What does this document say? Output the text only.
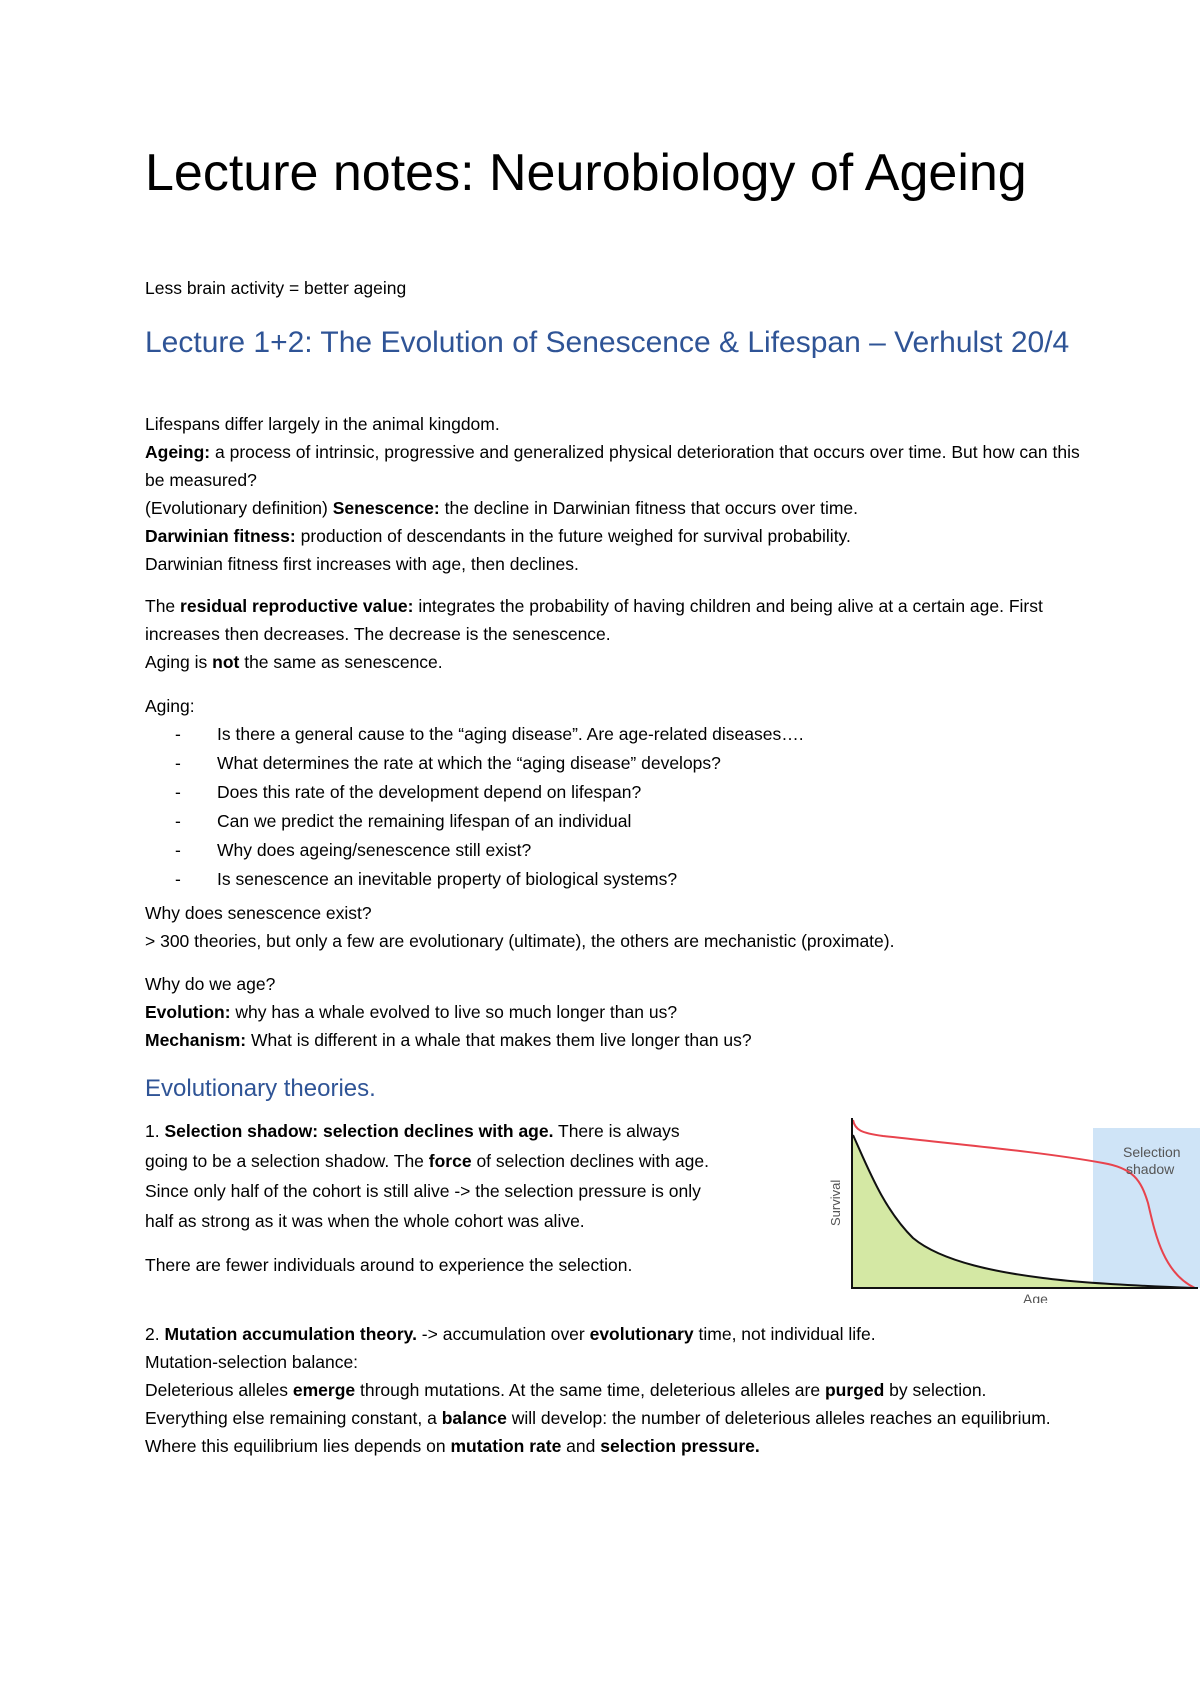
Lecture notes: Neurobiology of Ageing

Less brain activity = better ageing

Lecture 1+2: The Evolution of Senescence & Lifespan – Verhulst 20/4

Lifespans differ largely in the animal kingdom.

Ageing: a process of intrinsic, progressive and generalized physical deterioration that occurs over time. But how can this be measured?

(Evolutionary definition) Senescence: the decline in Darwinian fitness that occurs over time.

Darwinian fitness: production of descendants in the future weighed for survival probability.

Darwinian fitness first increases with age, then declines.

The residual reproductive value: integrates the probability of having children and being alive at a certain age. First increases then decreases. The decrease is the senescence.

Aging is not the same as senescence.

Aging:
- Is there a general cause to the “aging disease”. Are age-related diseases….
- What determines the rate at which the “aging disease” develops?
- Does this rate of the development depend on lifespan?
- Can we predict the remaining lifespan of an individual
- Why does ageing/senescence still exist?
- Is senescence an inevitable property of biological systems?

Why does senescence exist?

> 300 theories, but only a few are evolutionary (ultimate), the others are mechanistic (proximate).

Why do we age?

Evolution: why has a whale evolved to live so much longer than us?

Mechanism: What is different in a whale that makes them live longer than us?

Evolutionary theories.

1. Selection shadow: selection declines with age. There is always going to be a selection shadow. The force of selection declines with age. Since only half of the cohort is still alive -> the selection pressure is only half as strong as it was when the whole cohort was alive.

There are fewer individuals around to experience the selection.

Selection
shadow
Survival
Age

2. Mutation accumulation theory. -> accumulation over evolutionary time, not individual life.

Mutation-selection balance:

Deleterious alleles emerge through mutations. At the same time, deleterious alleles are purged by selection.

Everything else remaining constant, a balance will develop: the number of deleterious alleles reaches an equilibrium. Where this equilibrium lies depends on mutation rate and selection pressure.
